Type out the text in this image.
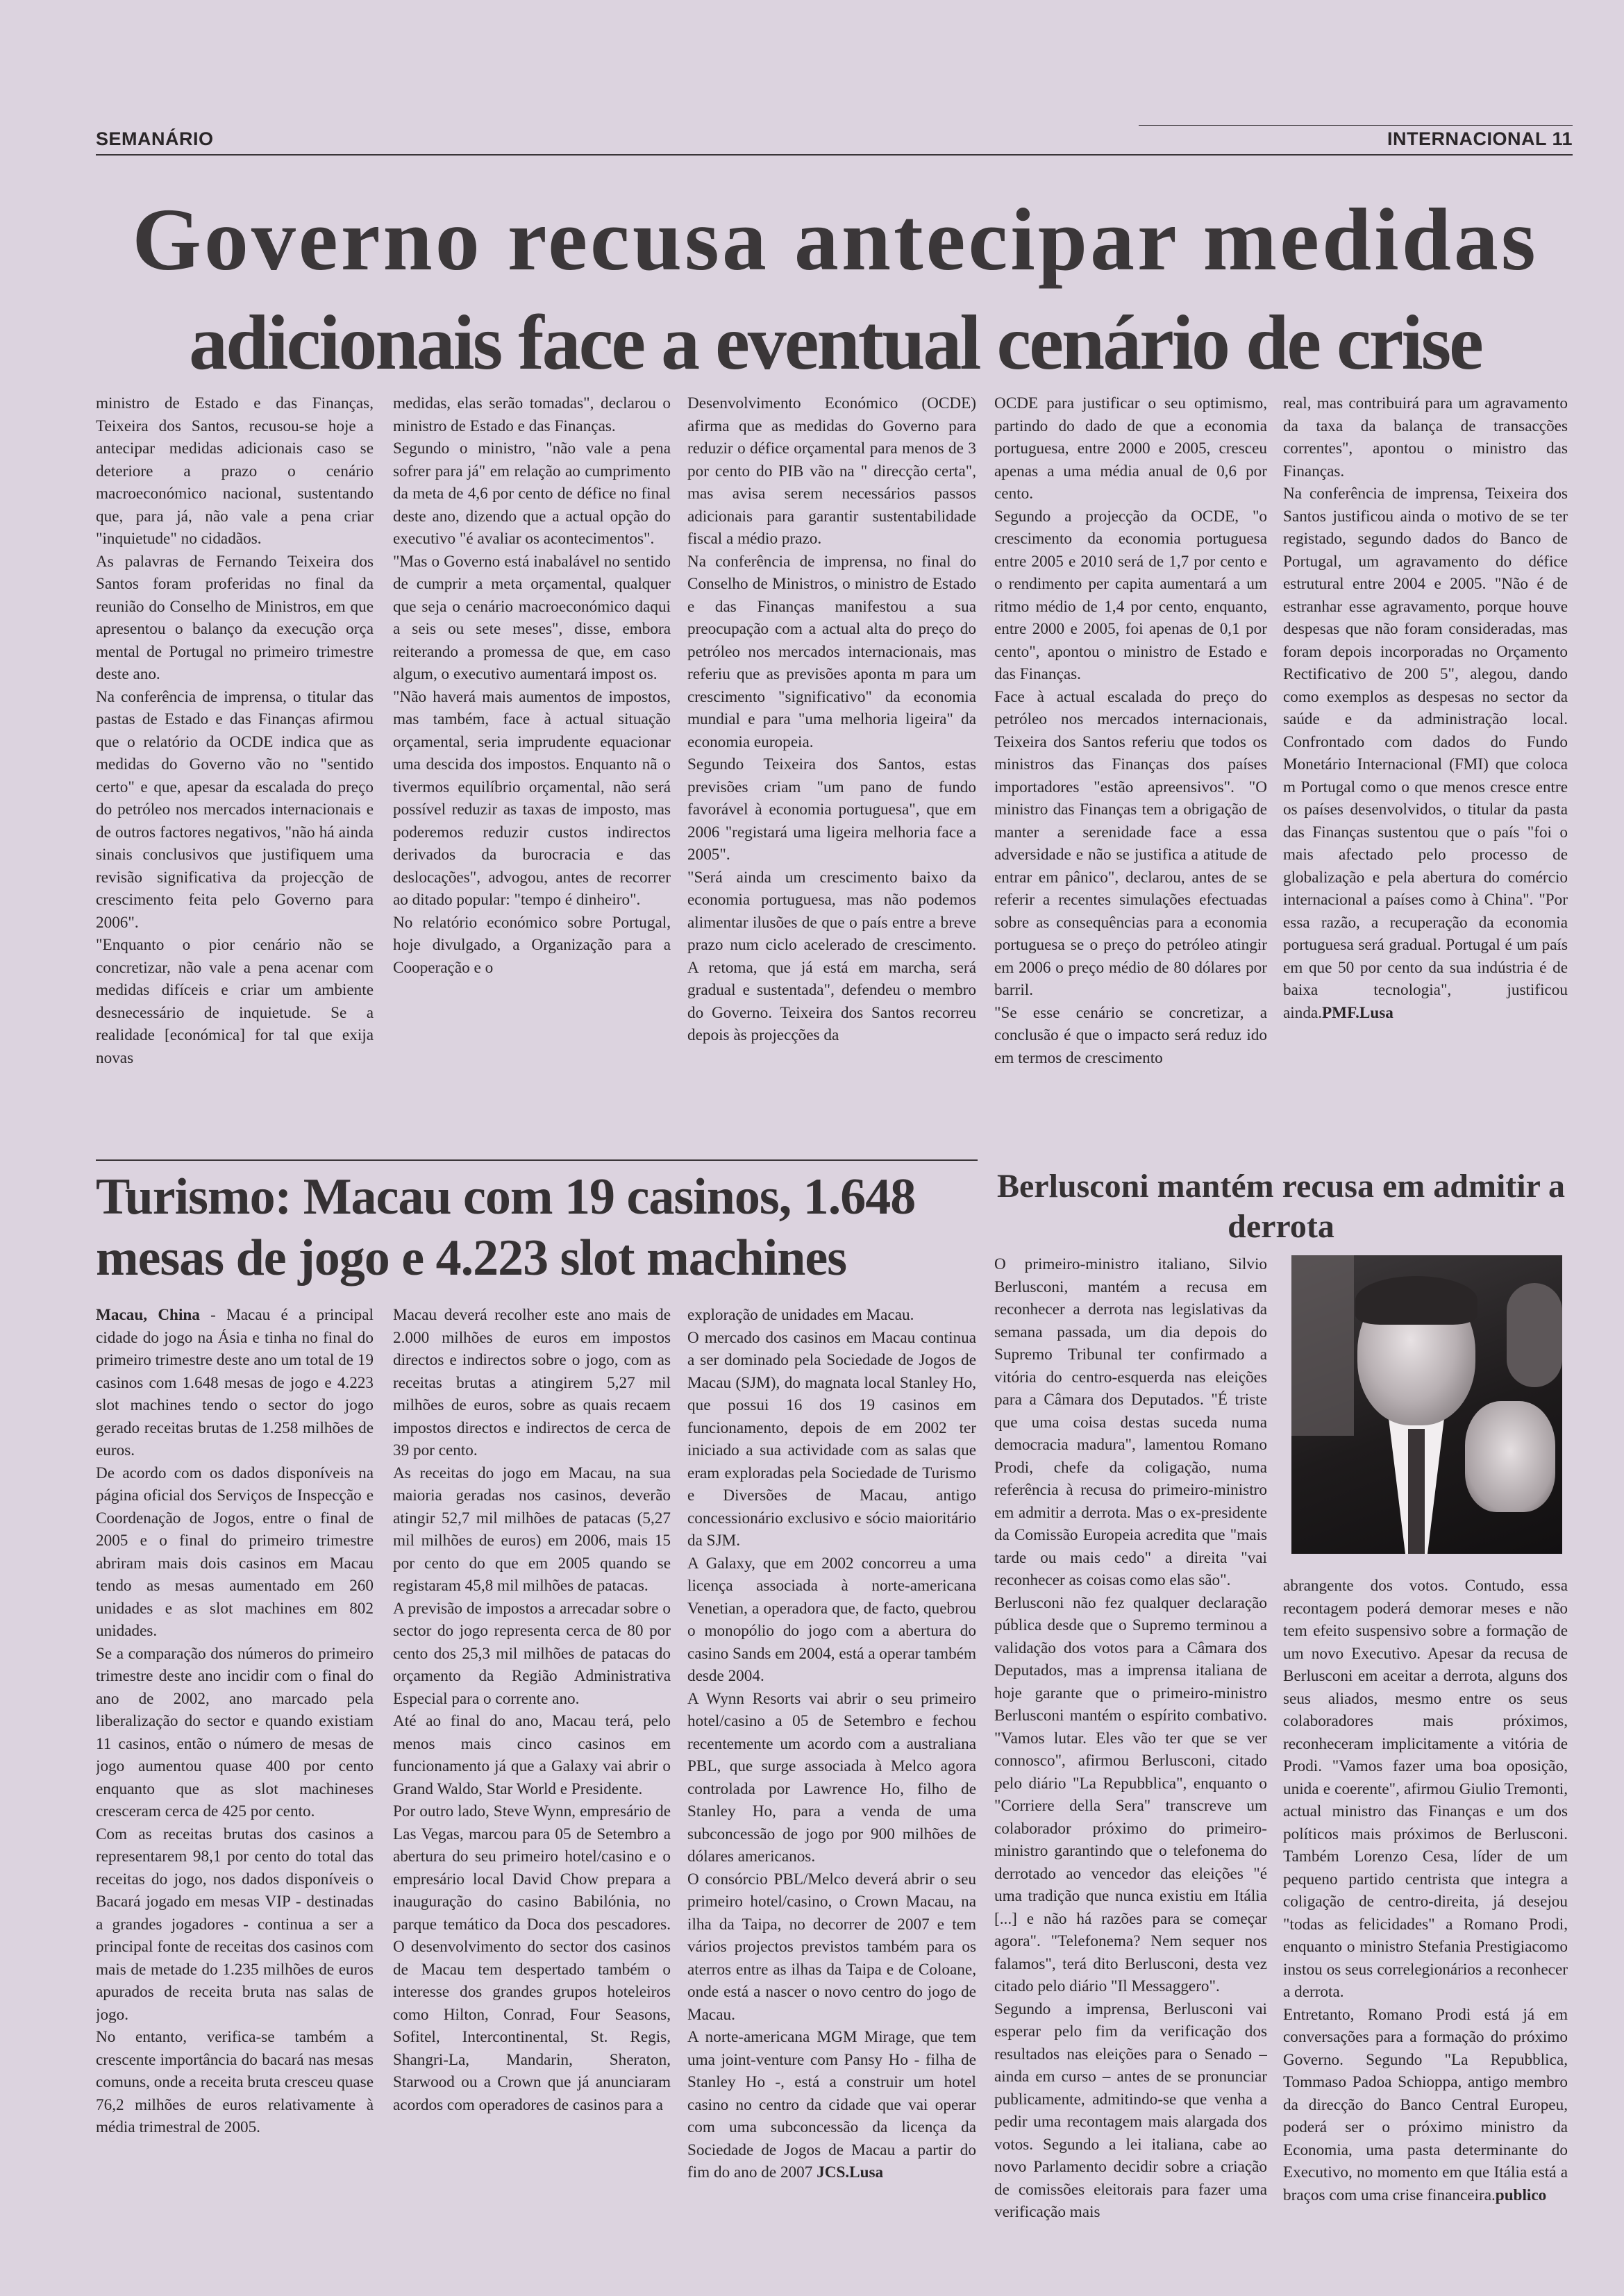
SEMANÁRIO	INTERNACIONAL 11
Governo recusa antecipar medidas
adicionais face a eventual cenário de crise

ministro de Estado e das Finanças, Teixeira dos Santos, recusou-se hoje a antecipar medidas adicionais caso se deteriore a prazo o cenário macroeconómico nacional, sustentando que, para já, não vale a pena criar "inquietude" no cidadãos.

As palavras de Fernando Teixeira dos Santos foram proferidas no final da reunião do Conselho de Ministros, em que apresentou o balanço da execução orça mental de Portugal no primeiro trimestre deste ano.

Na conferência de imprensa, o titular das pastas de Estado e das Finanças afirmou que o relatório da OCDE indica que as medidas do Governo vão no "sentido certo" e que, apesar da escalada do preço do petróleo nos mercados internacionais e de outros factores negativos, "não há ainda sinais conclusivos que justifiquem uma revisão significativa da projecção de crescimento feita pelo Governo para 2006".

"Enquanto o pior cenário não se concretizar, não vale a pena acenar com medidas difíceis e criar um ambiente desnecessário de inquietude. Se a realidade [económica] for tal que exija novas

medidas, elas serão tomadas", declarou o ministro de Estado e das Finanças.

Segundo o ministro, "não vale a pena sofrer para já" em relação ao cumprimento da meta de 4,6 por cento de défice no final deste ano, dizendo que a actual opção do executivo "é avaliar os acontecimentos".

"Mas o Governo está inabalável no sentido de cumprir a meta orçamental, qualquer que seja o cenário macroeconómico daqui a seis ou sete meses", disse, embora reiterando a promessa de que, em caso algum, o executivo aumentará impost os.

"Não haverá mais aumentos de impostos, mas também, face à actual situação orçamental, seria imprudente equacionar uma descida dos impostos. Enquanto nã o tivermos equilíbrio orçamental, não será possível reduzir as taxas de imposto, mas poderemos reduzir custos indirectos derivados da burocracia e das deslocações", advogou, antes de recorrer ao ditado popular: "tempo é dinheiro".

No relatório económico sobre Portugal, hoje divulgado, a Organização para a Cooperação e o

Desenvolvimento Económico (OCDE) afirma que as medidas do Governo para reduzir o défice orçamental para menos de 3 por cento do PIB vão na " direcção certa", mas avisa serem necessários passos adicionais para garantir sustentabilidade fiscal a médio prazo.

Na conferência de imprensa, no final do Conselho de Ministros, o ministro de Estado e das Finanças manifestou a sua preocupação com a actual alta do preço do petróleo nos mercados internacionais, mas referiu que as previsões aponta m para um crescimento "significativo" da economia mundial e para "uma melhoria ligeira" da economia europeia.

Segundo Teixeira dos Santos, estas previsões criam "um pano de fundo favorável à economia portuguesa", que em 2006 "registará uma ligeira melhoria face a 2005".

"Será ainda um crescimento baixo da economia portuguesa, mas não podemos alimentar ilusões de que o país entre a breve prazo num ciclo acelerado de crescimento. A retoma, que já está em marcha, será gradual e sustentada", defendeu o membro do Governo. Teixeira dos Santos recorreu depois às projecções da

OCDE para justificar o seu optimismo, partindo do dado de que a economia portuguesa, entre 2000 e 2005, cresceu apenas a uma média anual de 0,6 por cento.

Segundo a projecção da OCDE, "o crescimento da economia portuguesa entre 2005 e 2010 será de 1,7 por cento e o rendimento per capita aumentará a um ritmo médio de 1,4 por cento, enquanto, entre 2000 e 2005, foi apenas de 0,1 por cento", apontou o ministro de Estado e das Finanças.

Face à actual escalada do preço do petróleo nos mercados internacionais, Teixeira dos Santos referiu que todos os ministros das Finanças dos países importadores "estão apreensivos". "O ministro das Finanças tem a obrigação de manter a serenidade face a essa adversidade e não se justifica a atitude de entrar em pânico", declarou, antes de se referir a recentes simulações efectuadas sobre as consequências para a economia portuguesa se o preço do petróleo atingir em 2006 o preço médio de 80 dólares por barril.

"Se esse cenário se concretizar, a conclusão é que o impacto será reduz ido em termos de crescimento

real, mas contribuirá para um agravamento da taxa da balança de transacções correntes", apontou o ministro das Finanças.

Na conferência de imprensa, Teixeira dos Santos justificou ainda o motivo de se ter registado, segundo dados do Banco de Portugal, um agravamento do défice estrutural entre 2004 e 2005. "Não é de estranhar esse agravamento, porque houve despesas que não foram consideradas, mas foram depois incorporadas no Orçamento Rectificativo de 200 5", alegou, dando como exemplos as despesas no sector da saúde e da administração local. Confrontado com dados do Fundo Monetário Internacional (FMI) que coloca m Portugal como o que menos cresce entre os países desenvolvidos, o titular da pasta das Finanças sustentou que o país "foi o mais afectado pelo processo de globalização e pela abertura do comércio internacional a países como à China". "Por essa razão, a recuperação da economia portuguesa será gradual. Portugal é um país em que 50 por cento da sua indústria é de baixa tecnologia", justificou ainda.PMF.Lusa

Turismo: Macau com 19 casinos, 1.648 mesas de jogo e 4.223 slot machines

Macau, China - Macau é a principal cidade do jogo na Ásia e tinha no final do primeiro trimestre deste ano um total de 19 casinos com 1.648 mesas de jogo e 4.223 slot machines tendo o sector do jogo gerado receitas brutas de 1.258 milhões de euros.

De acordo com os dados disponíveis na página oficial dos Serviços de Inspecção e Coordenação de Jogos, entre o final de 2005 e o final do primeiro trimestre abriram mais dois casinos em Macau tendo as mesas aumentado em 260 unidades e as slot machines em 802 unidades.

Se a comparação dos números do primeiro trimestre deste ano incidir com o final do ano de 2002, ano marcado pela liberalização do sector e quando existiam 11 casinos, então o número de mesas de jogo aumentou quase 400 por cento enquanto que as slot machineses cresceram cerca de 425 por cento.

Com as receitas brutas dos casinos a representarem 98,1 por cento do total das receitas do jogo, nos dados disponíveis o Bacará jogado em mesas VIP - destinadas a grandes jogadores - continua a ser a principal fonte de receitas dos casinos com mais de metade do 1.235 milhões de euros apurados de receita bruta nas salas de jogo.

No entanto, verifica-se também a crescente importância do bacará nas mesas comuns, onde a receita bruta cresceu quase 76,2 milhões de euros relativamente à média trimestral de 2005.

Macau deverá recolher este ano mais de 2.000 milhões de euros em impostos directos e indirectos sobre o jogo, com as receitas brutas a atingirem 5,27 mil milhões de euros, sobre as quais recaem impostos directos e indirectos de cerca de 39 por cento.

As receitas do jogo em Macau, na sua maioria geradas nos casinos, deverão atingir 52,7 mil milhões de patacas (5,27 mil milhões de euros) em 2006, mais 15 por cento do que em 2005 quando se registaram 45,8 mil milhões de patacas.

A previsão de impostos a arrecadar sobre o sector do jogo representa cerca de 80 por cento dos 25,3 mil milhões de patacas do orçamento da Região Administrativa Especial para o corrente ano.

Até ao final do ano, Macau terá, pelo menos mais cinco casinos em funcionamento já que a Galaxy vai abrir o Grand Waldo, Star World e Presidente.

Por outro lado, Steve Wynn, empresário de Las Vegas, marcou para 05 de Setembro a abertura do seu primeiro hotel/casino e o empresário local David Chow prepara a inauguração do casino Babilónia, no parque temático da Doca dos pescadores. O desenvolvimento do sector dos casinos de Macau tem despertado também o interesse dos grandes grupos hoteleiros como Hilton, Conrad, Four Seasons, Sofitel, Intercontinental, St. Regis, Shangri-La, Mandarin, Sheraton, Starwood ou a Crown que já anunciaram acordos com operadores de casinos para a

exploração de unidades em Macau.

O mercado dos casinos em Macau continua a ser dominado pela Sociedade de Jogos de Macau (SJM), do magnata local Stanley Ho, que possui 16 dos 19 casinos em funcionamento, depois de em 2002 ter iniciado a sua actividade com as salas que eram exploradas pela Sociedade de Turismo e Diversões de Macau, antigo concessionário exclusivo e sócio maioritário da SJM.

A Galaxy, que em 2002 concorreu a uma licença associada à norte-americana Venetian, a operadora que, de facto, quebrou o monopólio do jogo com a abertura do casino Sands em 2004, está a operar também desde 2004.

A Wynn Resorts vai abrir o seu primeiro hotel/casino a 05 de Setembro e fechou recentemente um acordo com a australiana PBL, que surge associada à Melco agora controlada por Lawrence Ho, filho de Stanley Ho, para a venda de uma subconcessão de jogo por 900 milhões de dólares americanos.

O consórcio PBL/Melco deverá abrir o seu primeiro hotel/casino, o Crown Macau, na ilha da Taipa, no decorrer de 2007 e tem vários projectos previstos também para os aterros entre as ilhas da Taipa e de Coloane, onde está a nascer o novo centro do jogo de Macau.

A norte-americana MGM Mirage, que tem uma joint-venture com Pansy Ho - filha de Stanley Ho -, está a construir um hotel casino no centro da cidade que vai operar com uma subconcessão da licença da Sociedade de Jogos de Macau a partir do fim do ano de 2007 JCS.Lusa

Berlusconi mantém recusa em admitir a derrota

O primeiro-ministro italiano, Silvio Berlusconi, mantém a recusa em reconhecer a derrota nas legislativas da semana passada, um dia depois do Supremo Tribunal ter confirmado a vitória do centro-esquerda nas eleições para a Câmara dos Deputados. "É triste que uma coisa destas suceda numa democracia madura", lamentou Romano Prodi, chefe da coligação, numa referência à recusa do primeiro-ministro em admitir a derrota. Mas o ex-presidente da Comissão Europeia acredita que "mais tarde ou mais cedo" a direita "vai reconhecer as coisas como elas são".

Berlusconi não fez qualquer declaração pública desde que o Supremo terminou a validação dos votos para a Câmara dos Deputados, mas a imprensa italiana de hoje garante que o primeiro-ministro Berlusconi mantém o espírito combativo. "Vamos lutar. Eles vão ter que se ver connosco", afirmou Berlusconi, citado pelo diário "La Repubblica", enquanto o "Corriere della Sera" transcreve um colaborador próximo do primeiro-ministro garantindo que o telefonema do derrotado ao vencedor das eleições "é uma tradição que nunca existiu em Itália [...] e não há razões para se começar agora". "Telefonema? Nem sequer nos falamos", terá dito Berlusconi, desta vez citado pelo diário "Il Messaggero".

Segundo a imprensa, Berlusconi vai esperar pelo fim da verificação dos resultados nas eleições para o Senado – ainda em curso – antes de se pronunciar publicamente, admitindo-se que venha a pedir uma recontagem mais alargada dos votos. Segundo a lei italiana, cabe ao novo Parlamento decidir sobre a criação de comissões eleitorais para fazer uma verificação mais

abrangente dos votos. Contudo, essa recontagem poderá demorar meses e não tem efeito suspensivo sobre a formação de um novo Executivo. Apesar da recusa de Berlusconi em aceitar a derrota, alguns dos seus aliados, mesmo entre os seus colaboradores mais próximos, reconheceram implicitamente a vitória de Prodi. "Vamos fazer uma boa oposição, unida e coerente", afirmou Giulio Tremonti, actual ministro das Finanças e um dos políticos mais próximos de Berlusconi. Também Lorenzo Cesa, líder de um pequeno partido centrista que integra a coligação de centro-direita, já desejou "todas as felicidades" a Romano Prodi, enquanto o ministro Stefania Prestigiacomo instou os seus correlegionários a reconhecer a derrota.

Entretanto, Romano Prodi está já em conversações para a formação do próximo Governo. Segundo "La Repubblica, Tommaso Padoa Schioppa, antigo membro da direcção do Banco Central Europeu, poderá ser o próximo ministro da Economia, uma pasta determinante do Executivo, no momento em que Itália está a braços com uma crise financeira.publico
